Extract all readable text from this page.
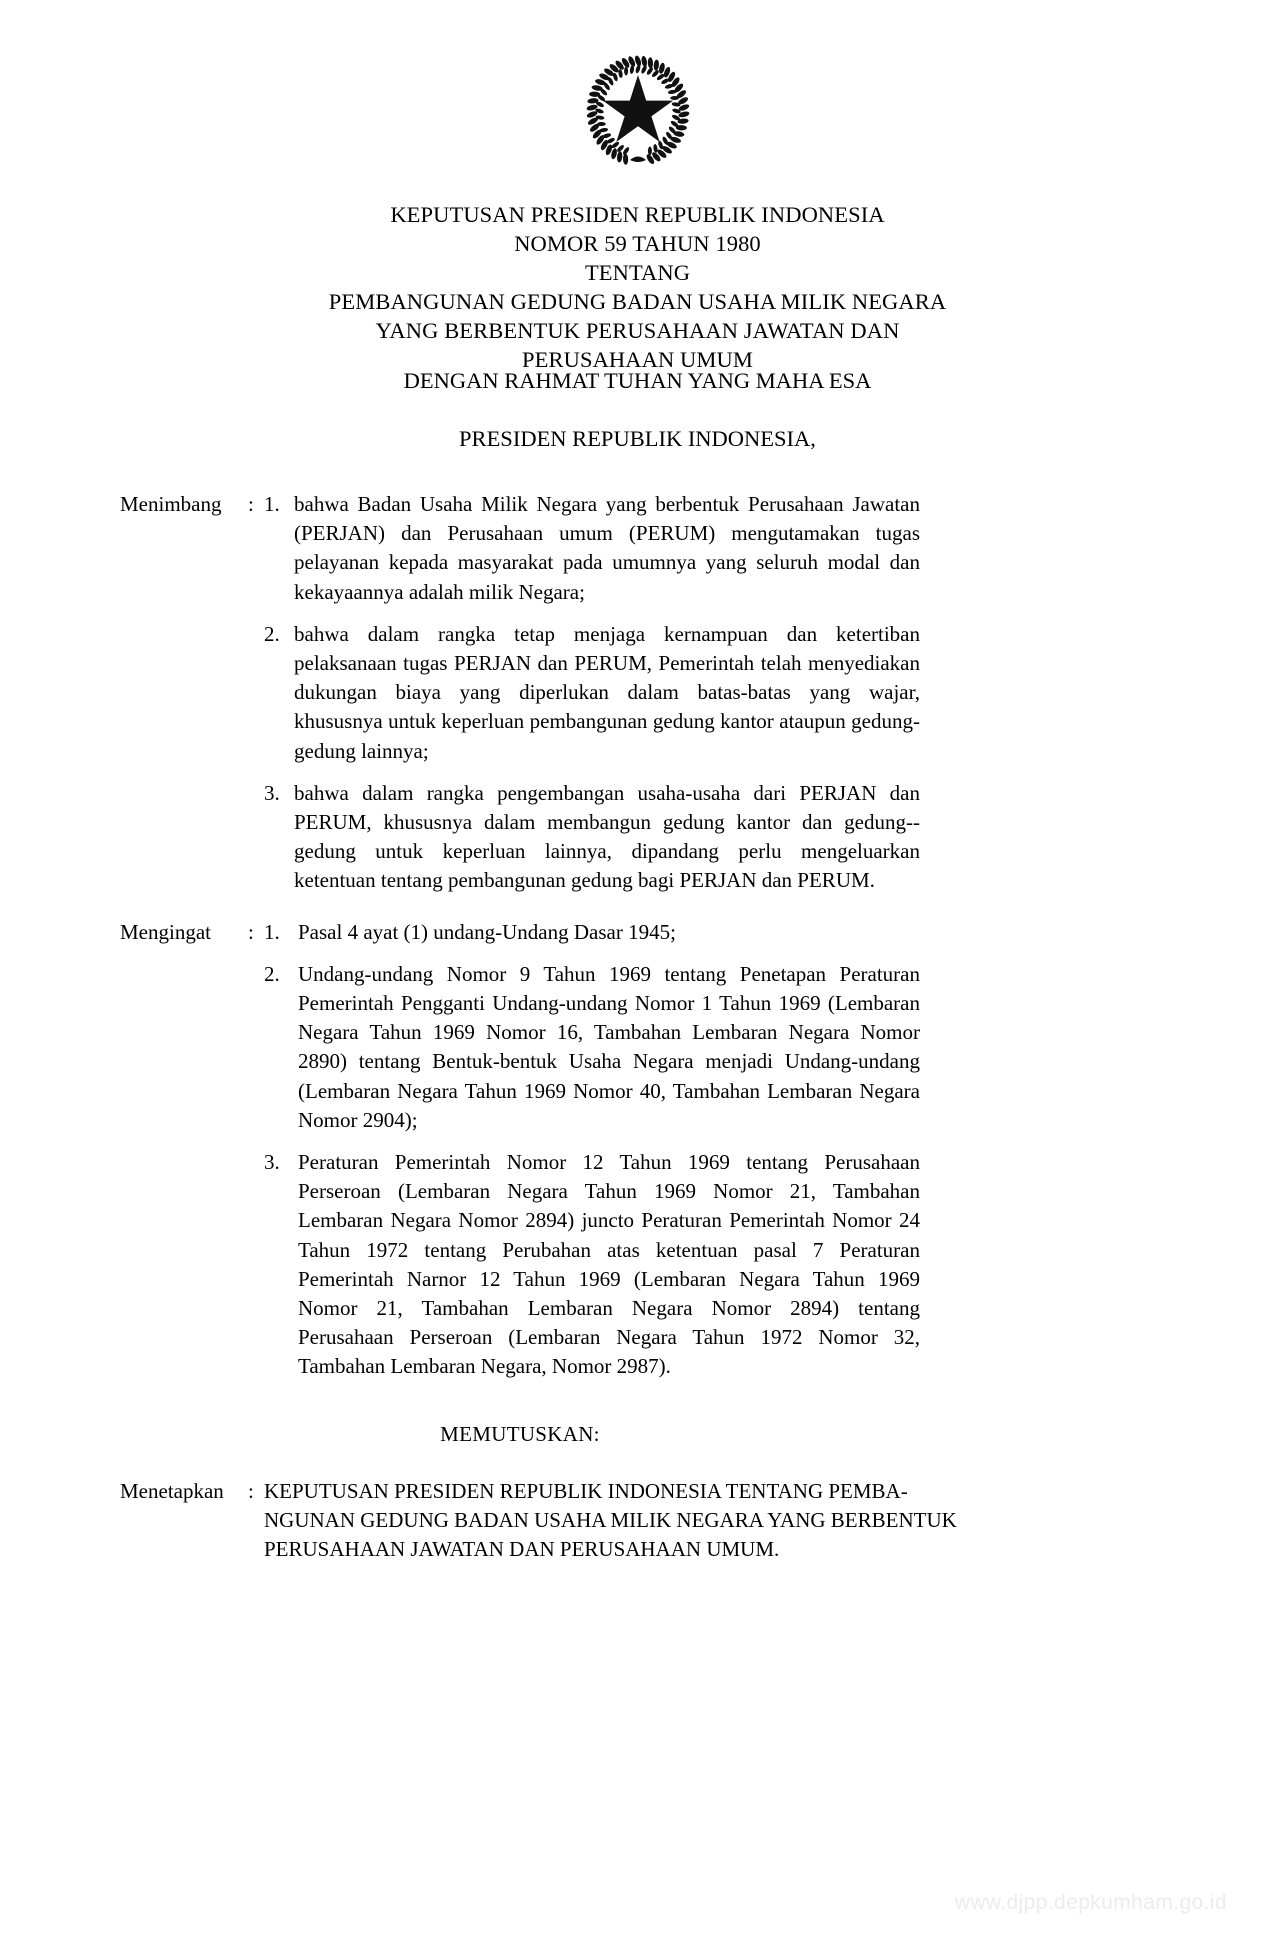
KEPUTUSAN PRESIDEN REPUBLIK INDONESIA
NOMOR 59 TAHUN 1980
TENTANG
PEMBANGUNAN GEDUNG BADAN USAHA MILIK NEGARA
YANG BERBENTUK PERUSAHAAN JAWATAN DAN
PERUSAHAAN UMUM
DENGAN RAHMAT TUHAN YANG MAHA ESA
PRESIDEN REPUBLIK INDONESIA,
Menimbang	: 1. bahwa Badan Usaha Milik Negara yang berbentuk Perusahaan Jawatan (PERJAN) dan Perusahaan umum (PERUM) mengutamakan tugas pelayanan kepada masyarakat pada umumnya yang seluruh modal dan kekayaannya adalah milik Negara;
2. bahwa dalam rangka tetap menjaga kernampuan dan ketertiban pelaksanaan tugas PERJAN dan PERUM, Pemerintah telah menyediakan dukungan biaya yang diperlukan dalam batas-batas yang wajar, khususnya untuk keperluan pembangunan gedung kantor ataupun gedung-gedung lainnya;
3. bahwa dalam rangka pengembangan usaha-usaha dari PERJAN dan PERUM, khususnya dalam membangun gedung kantor dan gedung-- gedung untuk keperluan lainnya, dipandang perlu mengeluarkan ketentuan tentang pembangunan gedung bagi PERJAN dan PERUM.
Mengingat	: 1. Pasal 4 ayat (1) undang-Undang Dasar 1945;
2. Undang-undang Nomor 9 Tahun 1969 tentang Penetapan Peraturan Pemerintah Pengganti Undang-undang Nomor 1 Tahun 1969 (Lembaran Negara Tahun 1969 Nomor 16, Tambahan Lembaran Negara Nomor 2890) tentang Bentuk-bentuk Usaha Negara menjadi Undang-undang (Lembaran Negara Tahun 1969 Nomor 40, Tambahan Lembaran Negara Nomor 2904);
3. Peraturan Pemerintah Nomor 12 Tahun 1969 tentang Perusahaan Perseroan (Lembaran Negara Tahun 1969 Nomor 21, Tambahan Lembaran Negara Nomor 2894) juncto Peraturan Pemerintah Nomor 24 Tahun 1972 tentang Perubahan atas ketentuan pasal 7 Peraturan Pemerintah Narnor 12 Tahun 1969 (Lembaran Negara Tahun 1969 Nomor 21, Tambahan Lembaran Negara Nomor 2894) tentang Perusahaan Perseroan (Lembaran Negara Tahun 1972 Nomor 32, Tambahan Lembaran Negara, Nomor 2987).
MEMUTUSKAN:
Menetapkan	: KEPUTUSAN PRESIDEN REPUBLIK INDONESIA TENTANG PEMBA-
NGUNAN GEDUNG BADAN USAHA MILIK NEGARA YANG BERBENTUK
PERUSAHAAN JAWATAN DAN PERUSAHAAN UMUM.
www.djpp.depkumham.go.id
